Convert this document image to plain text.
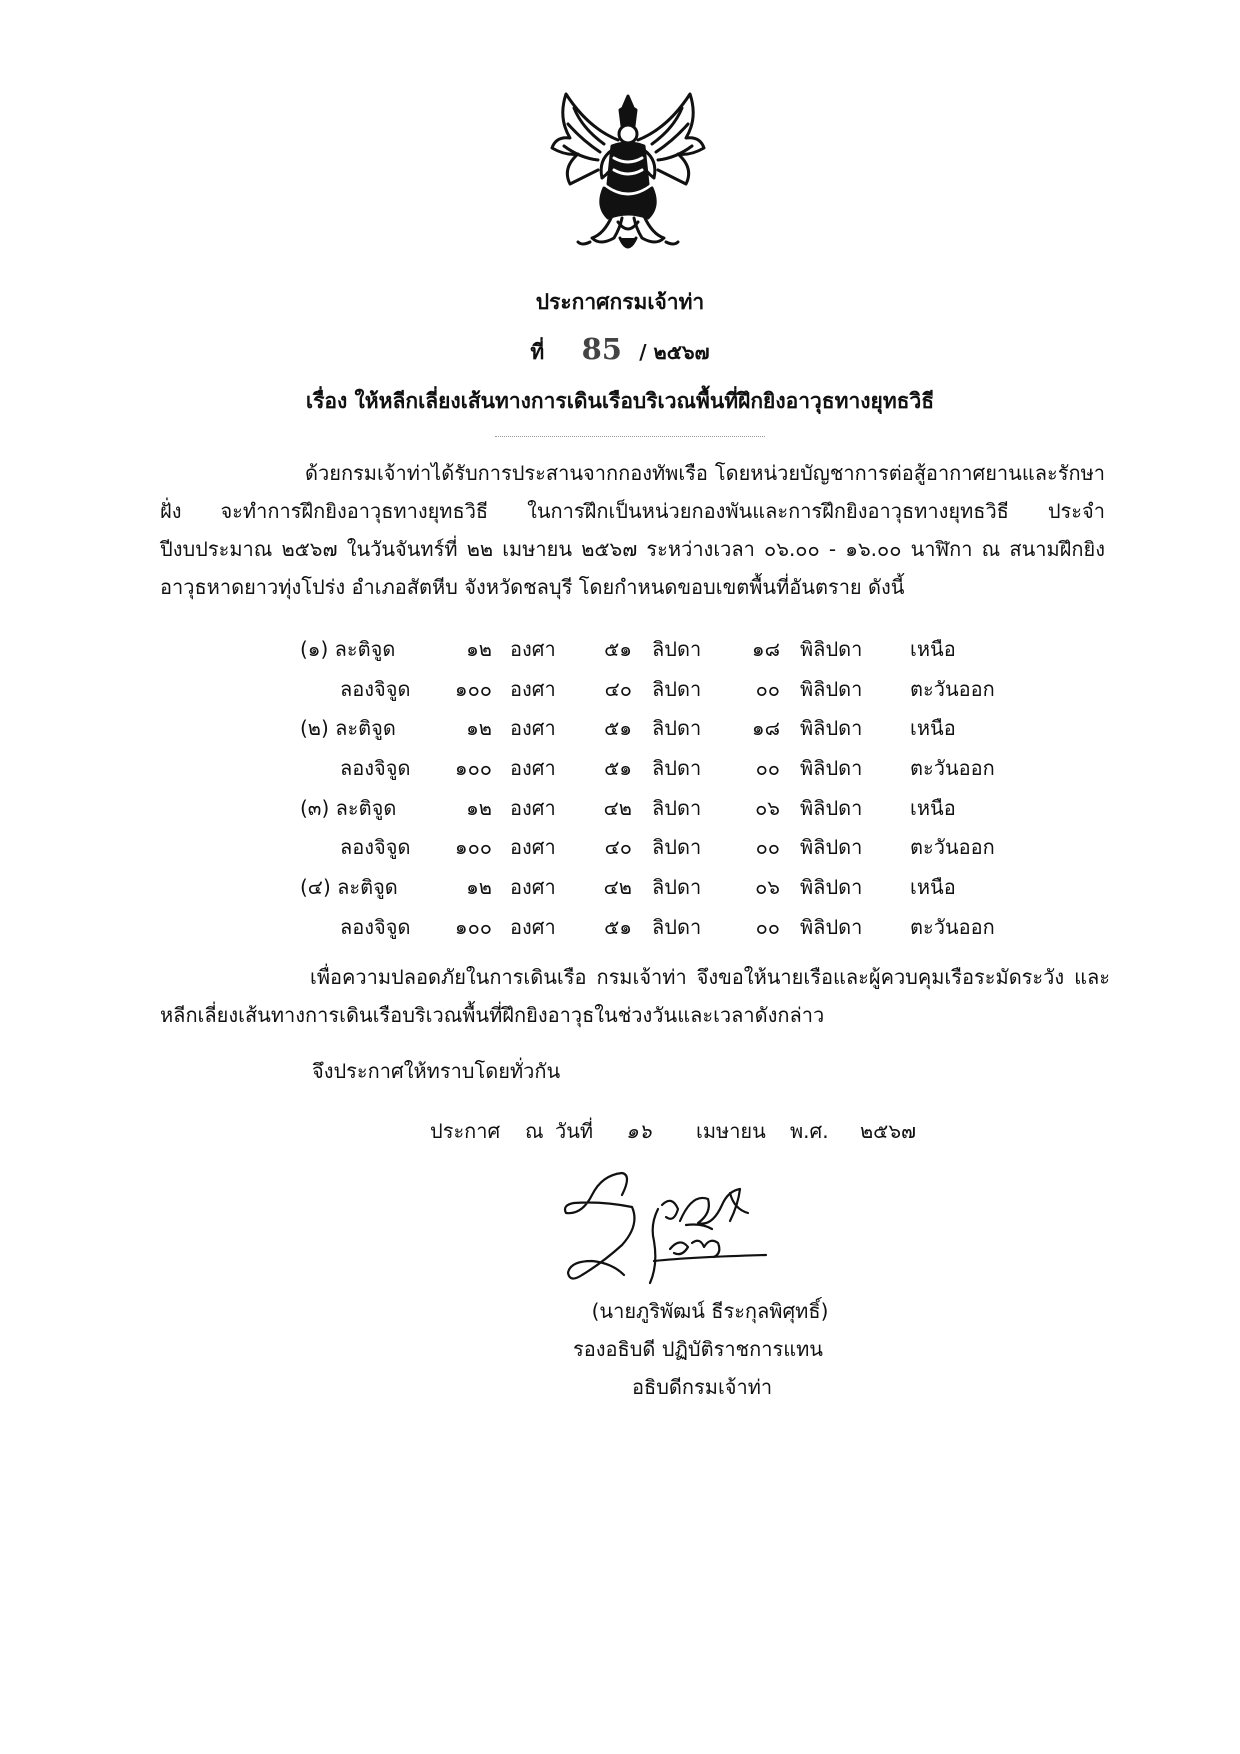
ประกาศกรมเจ้าท่า
ที่ 85 / ๒๕๖๗
เรื่อง ให้หลีกเลี่ยงเส้นทางการเดินเรือบริเวณพื้นที่ฝึกยิงอาวุธทางยุทธวิธี

ด้วยกรมเจ้าท่าได้รับการประสานจากกองทัพเรือ โดยหน่วยบัญชาการต่อสู้อากาศยานและรักษาฝั่ง จะทำการฝึกยิงอาวุธทางยุทธวิธี ในการฝึกเป็นหน่วยกองพันและการฝึกยิงอาวุธทางยุทธวิธี ประจำปีงบประมาณ ๒๕๖๗ ในวันจันทร์ที่ ๒๒ เมษายน ๒๕๖๗ ระหว่างเวลา ๐๖.๐๐ - ๑๖.๐๐ นาฬิกา ณ สนามฝึกยิงอาวุธหาดยาวทุ่งโปร่ง อำเภอสัตหีบ จังหวัดชลบุรี โดยกำหนดขอบเขตพื้นที่อันตราย ดังนี้

(๑) ละติจูด	๑๒ องศา ๕๑ ลิปดา	๑๘ พิลิปดา เหนือ
ลองจิจูด	๑๐๐ องศา ๔๐ ลิปดา	๐๐ พิลิปดา ตะวันออก
(๒) ละติจูด	๑๒ องศา ๕๑ ลิปดา	๑๘ พิลิปดา เหนือ
ลองจิจูด	๑๐๐ องศา ๕๑ ลิปดา	๐๐ พิลิปดา ตะวันออก
(๓) ละติจูด	๑๒ องศา ๔๒ ลิปดา	๐๖ พิลิปดา เหนือ
ลองจิจูด	๑๐๐ องศา ๔๐ ลิปดา	๐๐ พิลิปดา ตะวันออก
(๔) ละติจูด	๑๒ องศา ๔๒ ลิปดา	๐๖ พิลิปดา เหนือ
ลองจิจูด	๑๐๐ องศา ๕๑ ลิปดา	๐๐ พิลิปดา ตะวันออก

เพื่อความปลอดภัยในการเดินเรือ กรมเจ้าท่า จึงขอให้นายเรือและผู้ควบคุมเรือระมัดระวัง และหลีกเลี่ยงเส้นทางการเดินเรือบริเวณพื้นที่ฝึกยิงอาวุธในช่วงวันและเวลาดังกล่าว

จึงประกาศให้ทราบโดยทั่วกัน

ประกาศ ณ วันที่ ๑๖ เมษายน พ.ศ. ๒๕๖๗
(นายภูริพัฒน์ ธีระกุลพิศุทธิ์)
รองอธิบดี ปฏิบัติราชการแทน
อธิบดีกรมเจ้าท่า
